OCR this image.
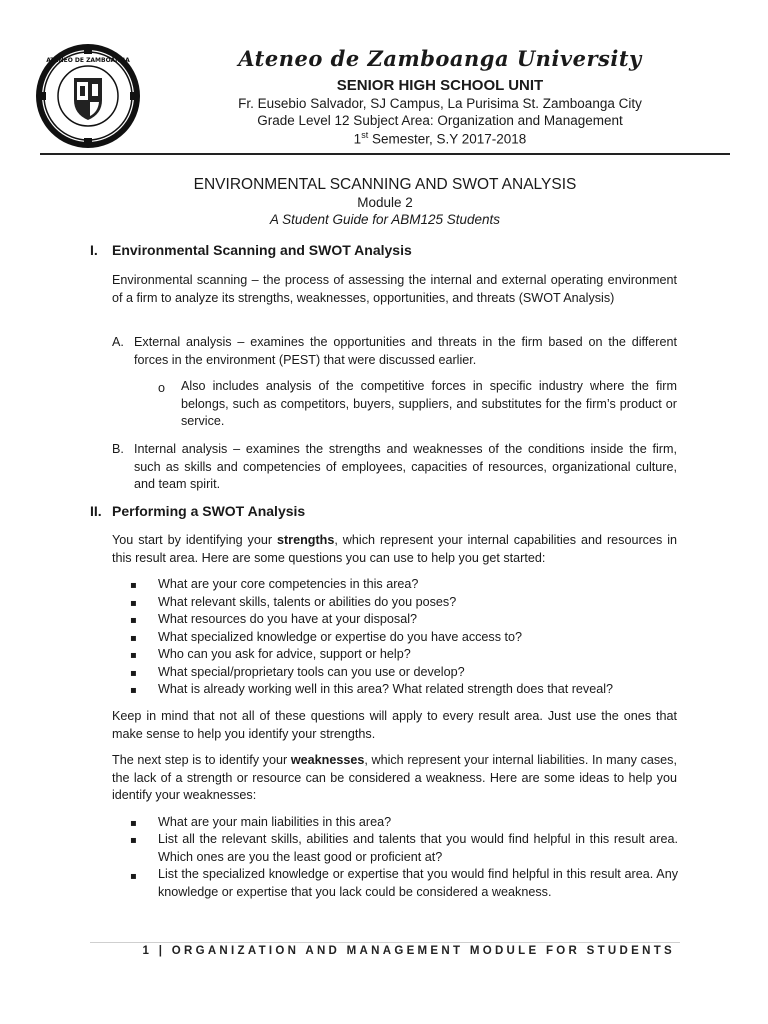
ATENEO DE ZAMBOANGA	Ateneo de Zamboanga University
SENIOR HIGH SCHOOL UNIT
Fr. Eusebio Salvador, SJ Campus, La Purisima St. Zamboanga City
Grade Level 12 Subject Area: Organization and Management
1st Semester, S.Y 2017-2018
ENVIRONMENTAL SCANNING AND SWOT ANALYSIS
Module 2
A Student Guide for ABM125 Students
I. Environmental Scanning and SWOT Analysis
Environmental scanning – the process of assessing the internal and external operating environment of a firm to analyze its strengths, weaknesses, opportunities, and threats (SWOT Analysis)
A. External analysis – examines the opportunities and threats in the firm based on the different forces in the environment (PEST) that were discussed earlier.
o Also includes analysis of the competitive forces in specific industry where the firm belongs, such as competitors, buyers, suppliers, and substitutes for the firm’s product or service.
B. Internal analysis – examines the strengths and weaknesses of the conditions inside the firm, such as skills and competencies of employees, capacities of resources, organizational culture, and team spirit.
II. Performing a SWOT Analysis
You start by identifying your strengths, which represent your internal capabilities and resources in this result area. Here are some questions you can use to help you get started:
▪	What are your core competencies in this area?
▪	What relevant skills, talents or abilities do you poses?
▪	What resources do you have at your disposal?
▪	What specialized knowledge or expertise do you have access to?
▪	Who can you ask for advice, support or help?
▪	What special/proprietary tools can you use or develop?
▪	What is already working well in this area? What related strength does that reveal?
Keep in mind that not all of these questions will apply to every result area. Just use the ones that make sense to help you identify your strengths.
The next step is to identify your weaknesses, which represent your internal liabilities. In many cases, the lack of a strength or resource can be considered a weakness. Here are some ideas to help you identify your weaknesses:
▪	What are your main liabilities in this area?
▪	List all the relevant skills, abilities and talents that you would find helpful in this result area. Which ones are you the least good or proficient at?
▪	List the specialized knowledge or expertise that you would find helpful in this result area. Any knowledge or expertise that you lack could be considered a weakness.
1 | ORGANIZATION AND MANAGEMENT MODULE FOR STUDENTS
